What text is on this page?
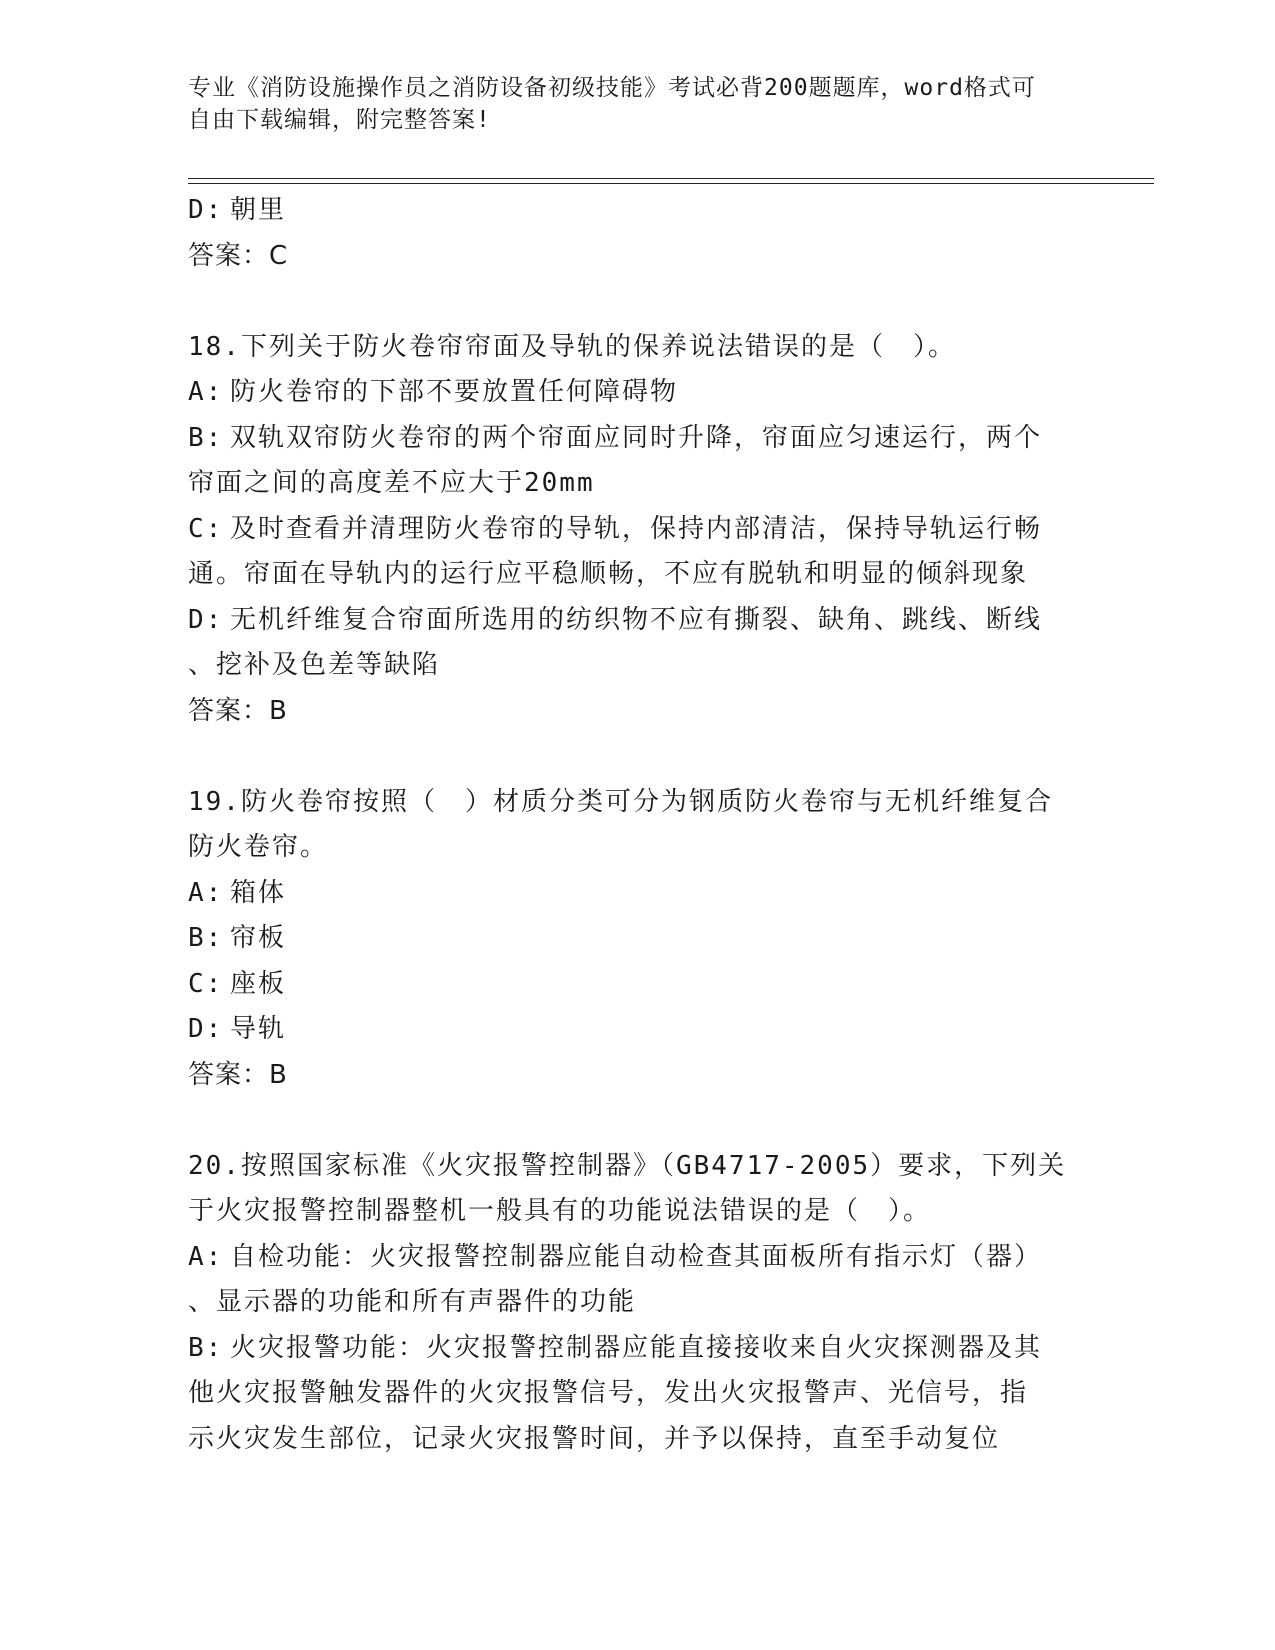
专业《消防设施操作员之消防设备初级技能》考试必背200题题库，word格式可
自由下载编辑，附完整答案!
D: 朝里
答案：C
18.下列关于防火卷帘帘面及导轨的保养说法错误的是（　）。
A: 防火卷帘的下部不要放置任何障碍物
B: 双轨双帘防火卷帘的两个帘面应同时升降，帘面应匀速运行，两个
帘面之间的高度差不应大于20mm
C: 及时查看并清理防火卷帘的导轨，保持内部清洁，保持导轨运行畅
通。帘面在导轨内的运行应平稳顺畅，不应有脱轨和明显的倾斜现象
D: 无机纤维复合帘面所选用的纺织物不应有撕裂、缺角、跳线、断线
、挖补及色差等缺陷
答案：B
19.防火卷帘按照（　）材质分类可分为钢质防火卷帘与无机纤维复合
防火卷帘。
A: 箱体
B: 帘板
C: 座板
D: 导轨
答案：B
20.按照国家标准《火灾报警控制器》（GB4717-2005）要求，下列关
于火灾报警控制器整机一般具有的功能说法错误的是（　）。
A: 自检功能：火灾报警控制器应能自动检查其面板所有指示灯（器）
、显示器的功能和所有声器件的功能
B: 火灾报警功能：火灾报警控制器应能直接接收来自火灾探测器及其
他火灾报警触发器件的火灾报警信号，发出火灾报警声、光信号，指
示火灾发生部位，记录火灾报警时间，并予以保持，直至手动复位
